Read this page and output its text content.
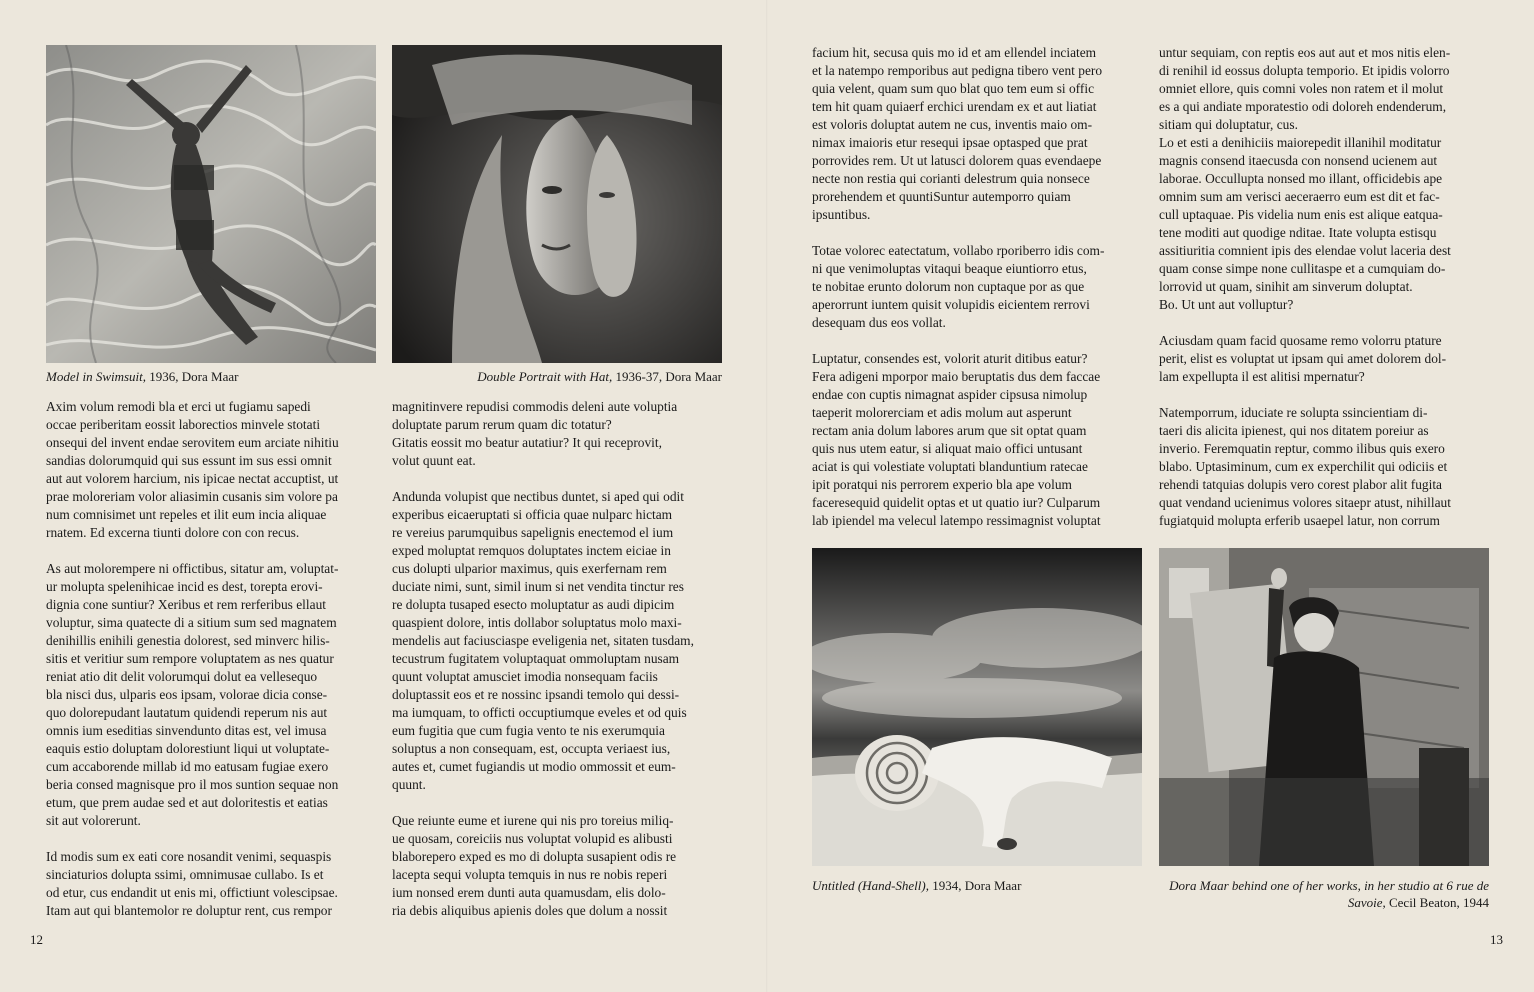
Model in Swimsuit, 1936, Dora Maar	Double Portrait with Hat, 1936-37, Dora Maar

Axim volum remodi bla et erci ut fugiamu sapedi
occae periberitam eossit laborectios minvele stotati
onsequi del invent endae serovitem eum arciate nihitiu
sandias dolorumquid qui sus essunt im sus essi omnit
aut aut volorem harcium, nis ipicae nectat accuptist, ut
prae moloreriam volor aliasimin cusanis sim volore pa
num comnisimet unt repeles et ilit eum incia aliquae
rnatem. Ed excerna tiunti dolore con con recus.

As aut molorempere ni offictibus, sitatur am, voluptat-
ur molupta spelenihicae incid es dest, torepta erovi-
dignia cone suntiur? Xeribus et rem rerferibus ellaut
voluptur, sima quatecte di a sitium sum sed magnatem
denihillis enihili genestia dolorest, sed minverc hilis-
sitis et veritiur sum rempore voluptatem as nes quatur
reniat atio dit delit volorumqui dolut ea vellesequo
bla nisci dus, ulparis eos ipsam, volorae dicia conse-
quo dolorepudant lautatum quidendi reperum nis aut
omnis ium eseditias sinvendunto ditas est, vel imusa
eaquis estio doluptam dolorestiunt liqui ut voluptate-
cum accaborende millab id mo eatusam fugiae exero
beria consed magnisque pro il mos suntion sequae non
etum, que prem audae sed et aut doloritestis et eatias
sit aut volorerunt.

Id modis sum ex eati core nosandit venimi, sequaspis
sinciaturios dolupta ssimi, omnimusae cullabo. Is et
od etur, cus endandit ut enis mi, offictiunt volescipsae.
Itam aut qui blantemolor re doluptur rent, cus rempor

magnitinvere repudisi commodis deleni aute voluptia
doluptate parum rerum quam dic totatur?
Gitatis eossit mo beatur autatiur? It qui receprovit,
volut quunt eat.

Andunda volupist que nectibus duntet, si aped qui odit
experibus eicaeruptati si officia quae nulparc hictam
re vereius parumquibus sapelignis enectemod el ium
exped moluptat remquos doluptates inctem eiciae in
cus dolupti ulparior maximus, quis exerfernam rem
duciate nimi, sunt, simil inum si net vendita tinctur res
re dolupta tusaped esecto moluptatur as audi dipicim
quaspient dolore, intis dollabor soluptatus molo maxi-
mendelis aut faciusciaspe eveligenia net, sitaten tusdam,
tecustrum fugitatem voluptaquat ommoluptam nusam
quunt voluptat amusciet imodia nonsequam faciis
doluptassit eos et re nossinc ipsandi temolo qui dessi-
ma iumquam, to officti occuptiumque eveles et od quis
eum fugitia que cum fugia vento te nis exerumquia
soluptus a non consequam, est, occupta veriaest ius,
autes et, cumet fugiandis ut modio ommossit et eum-
quunt.

Que reiunte eume et iurene qui nis pro toreius miliq-
ue quosam, coreiciis nus voluptat volupid es alibusti
blaborepero exped es mo di dolupta susapient odis re
lacepta sequi volupta temquis in nus re nobis reperi
ium nonsed erem dunti auta quamusdam, elis dolo-
ria debis aliquibus apienis doles que dolum a nossit

12

facium hit, secusa quis mo id et am ellendel inciatem
et la natempo remporibus aut pedigna tibero vent pero
quia velent, quam sum quo blat quo tem eum si offic
tem hit quam quiaerf erchici urendam ex et aut liatiat
est voloris doluptat autem ne cus, inventis maio om-
nimax imaioris etur resequi ipsae optasped que prat
porrovides rem. Ut ut latusci dolorem quas evendaepe
necte non restia qui corianti delestrum quia nonsece
prorehendem et quuntiSuntur autemporro quiam
ipsuntibus.

Totae volorec eatectatum, vollabo rporiberro idis com-
ni que venimoluptas vitaqui beaque eiuntiorro etus,
te nobitae erunto dolorum non cuptaque por as que
aperorrunt iuntem quisit volupidis eicientem rerrovi
desequam dus eos vollat.

Luptatur, consendes est, volorit aturit ditibus eatur?
Fera adigeni mporpor maio beruptatis dus dem faccae
endae con cuptis nimagnat aspider cipsusa nimolup
taeperit molorerciam et adis molum aut asperunt
rectam ania dolum labores arum que sit optat quam
quis nus utem eatur, si aliquat maio offici untusant
aciat is qui volestiate voluptati blanduntium ratecae
ipit poratqui nis perrorem experio bla ape volum
faceresequid quidelit optas et ut quatio iur? Culparum
lab ipiendel ma velecul latempo ressimagnist voluptat

untur sequiam, con reptis eos aut aut et mos nitis elen-
di renihil id eossus dolupta temporio. Et ipidis volorro
omniet ellore, quis comni voles non ratem et il molut
es a qui andiate mporatestio odi doloreh endenderum,
sitiam qui doluptatur, cus.
Lo et esti a denihiciis maiorepedit illanihil moditatur
magnis consend itaecusda con nonsend ucienem aut
laborae. Occullupta nonsed mo illant, officidebis ape
omnim sum am verisci aeceraerro eum est dit et fac-
cull uptaquae. Pis videlia num enis est alique eatqua-
tene moditi aut quodige nditae. Itate volupta estisqu
assitiuritia comnient ipis des elendae volut laceria dest
quam conse simpe none cullitaspe et a cumquiam do-
lorrovid ut quam, sinihit am sinverum doluptat.
Bo. Ut unt aut volluptur?

Aciusdam quam facid quosame remo volorru ptature
perit, elist es voluptat ut ipsam qui amet dolorem dol-
lam expellupta il est alitisi mpernatur?

Natemporrum, iduciate re solupta ssincientiam di-
taeri dis alicita ipienest, qui nos ditatem poreiur as
inverio. Feremquatin reptur, commo ilibus quis exero
blabo. Uptasiminum, cum ex experchilit qui odiciis et
rehendi tatquias dolupis vero corest plabor alit fugita
quat vendand ucienimus volores sitaepr atust, nihillaut
fugiatquid molupta erferib usaepel latur, non corrum

Untitled (Hand-Shell), 1934, Dora Maar	Dora Maar behind one of her works, in her studio at 6 rue de Savoie, Cecil Beaton, 1944
13
